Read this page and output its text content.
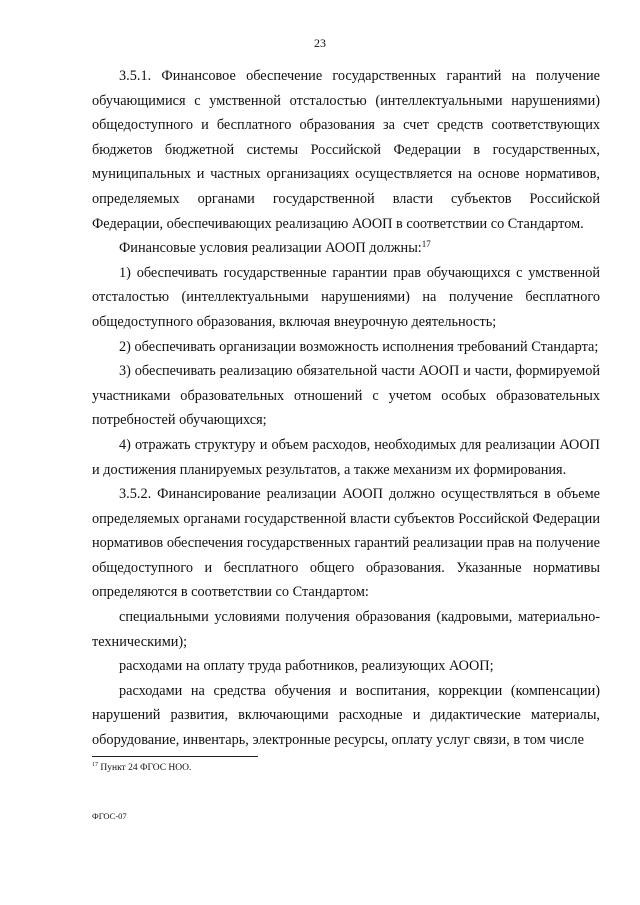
23

3.5.1. Финансовое обеспечение государственных гарантий на получение обучающимися с умственной отсталостью (интеллектуальными нарушениями) общедоступного и бесплатного образования за счет средств соответствующих бюджетов бюджетной системы Российской Федерации в государственных, муниципальных и частных организациях осуществляется на основе нормативов, определяемых органами государственной власти субъектов Российской Федерации, обеспечивающих реализацию АООП в соответствии со Стандартом.

Финансовые условия реализации АООП должны:$^{17}$

1) обеспечивать государственные гарантии прав обучающихся с умственной отсталостью (интеллектуальными нарушениями) на получение бесплатного общедоступного образования, включая внеурочную деятельность;

2) обеспечивать организации возможность исполнения требований Стандарта;

3) обеспечивать реализацию обязательной части АООП и части, формируемой участниками образовательных отношений с учетом особых образовательных потребностей обучающихся;

4) отражать структуру и объем расходов, необходимых для реализации АООП и достижения планируемых результатов, а также механизм их формирования.

3.5.2. Финансирование реализации АООП должно осуществляться в объеме определяемых органами государственной власти субъектов Российской Федерации нормативов обеспечения государственных гарантий реализации прав на получение общедоступного и бесплатного общего образования. Указанные нормативы определяются в соответствии со Стандартом:

специальными условиями получения образования (кадровыми, материально-техническими);

расходами на оплату труда работников, реализующих АООП;

расходами на средства обучения и воспитания, коррекции (компенсации) нарушений развития, включающими расходные и дидактические материалы, оборудование, инвентарь, электронные ресурсы, оплату услуг связи, в том числе

$^{17}$ Пункт 24 ФГОС НОО.
ФГОС-07
